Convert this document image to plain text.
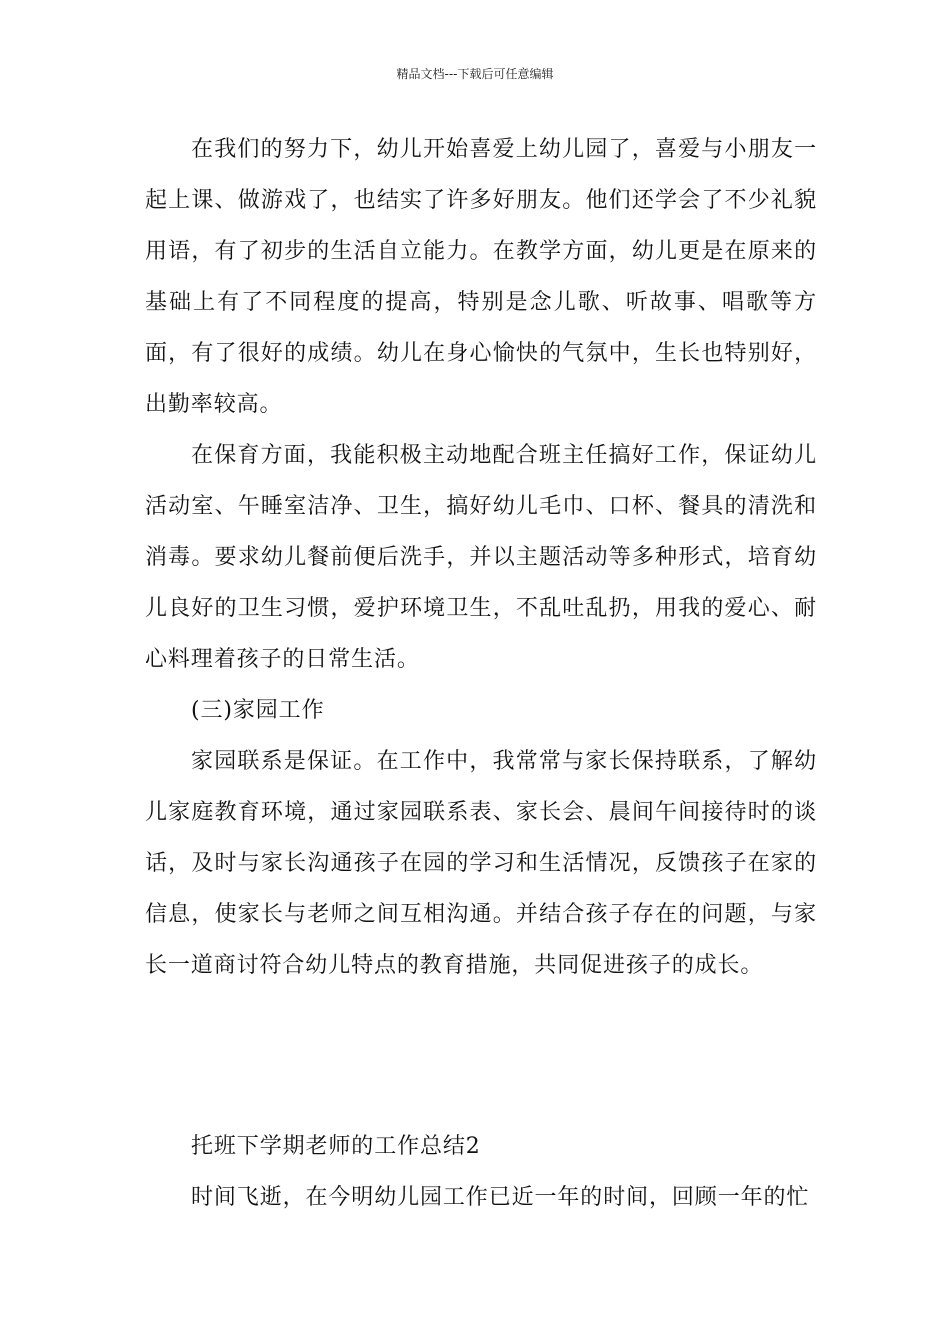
精品文档---下载后可任意编辑

在我们的努力下，幼儿开始喜爱上幼儿园了，喜爱与小朋友一起上课、做游戏了，也结实了许多好朋友。他们还学会了不少礼貌用语，有了初步的生活自立能力。在教学方面，幼儿更是在原来的基础上有了不同程度的提高，特别是念儿歌、听故事、唱歌等方面，有了很好的成绩。幼儿在身心愉快的气氛中，生长也特别好，出勤率较高。

在保育方面，我能积极主动地配合班主任搞好工作，保证幼儿活动室、午睡室洁净、卫生，搞好幼儿毛巾、口杯、餐具的清洗和消毒。要求幼儿餐前便后洗手，并以主题活动等多种形式，培育幼儿良好的卫生习惯，爱护环境卫生，不乱吐乱扔，用我的爱心、耐心料理着孩子的日常生活。

(三)家园工作

家园联系是保证。在工作中，我常常与家长保持联系，了解幼儿家庭教育环境，通过家园联系表、家长会、晨间午间接待时的谈话，及时与家长沟通孩子在园的学习和生活情况，反馈孩子在家的信息，使家长与老师之间互相沟通。并结合孩子存在的问题，与家长一道商讨符合幼儿特点的教育措施，共同促进孩子的成长。

托班下学期老师的工作总结2

时间飞逝，在今明幼儿园工作已近一年的时间，回顾一年的忙
